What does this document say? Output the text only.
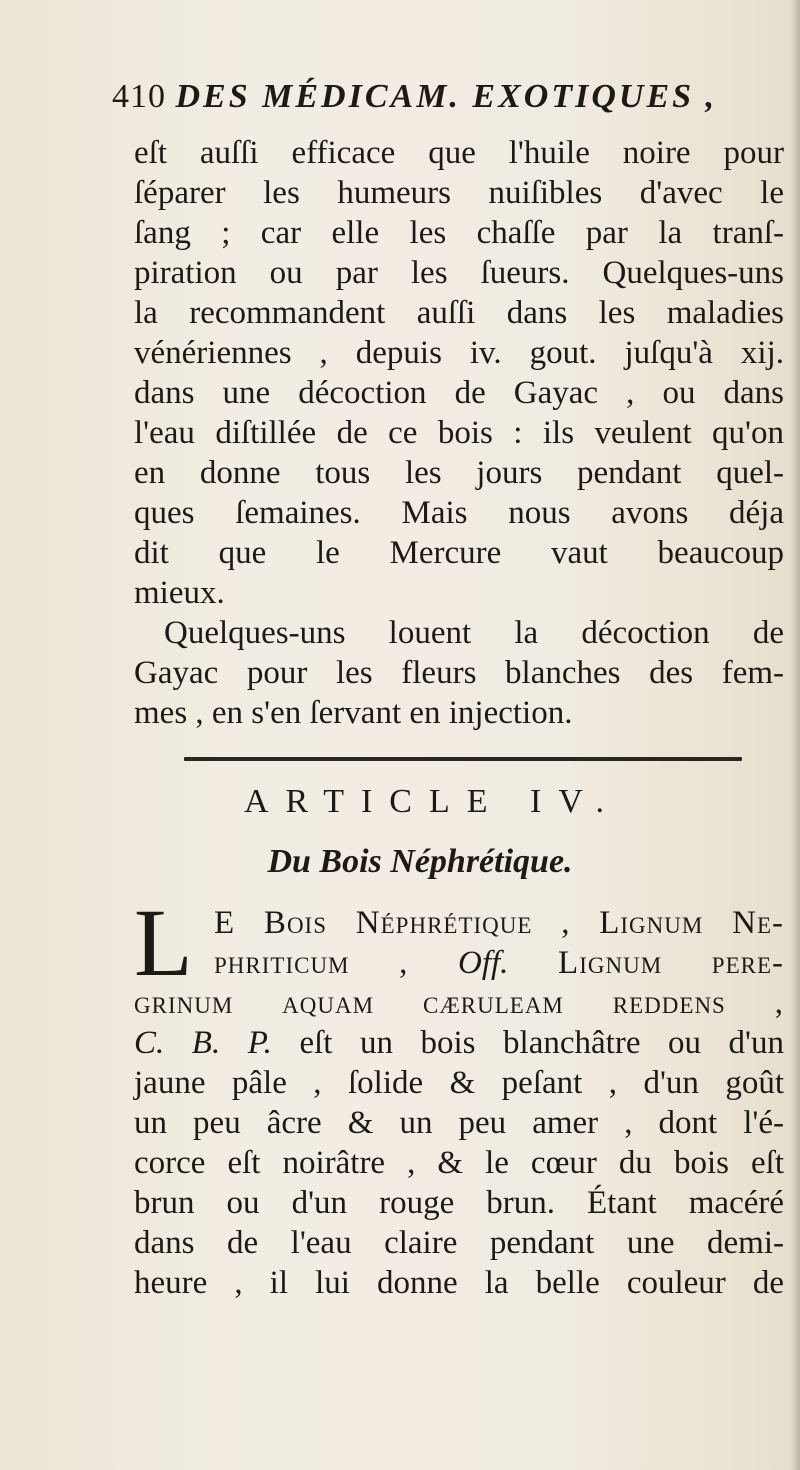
410 DES MÉDICAM. EXOTIQUES ,
eſt auſſi efficace que l'huile noire pour
ſéparer les humeurs nuiſibles d'avec le
ſang ; car elle les chaſſe par la tranſ-
piration ou par les ſueurs. Quelques-uns
la recommandent auſſi dans les maladies
vénériennes , depuis iv. gout. juſqu'à xij.
dans une décoction de Gayac , ou dans
l'eau diſtillée de ce bois : ils veulent qu'on
en donne tous les jours pendant quel-
ques ſemaines. Mais nous avons déja
dit que le Mercure vaut beaucoup
mieux.
Quelques-uns louent la décoction de
Gayac pour les fleurs blanches des fem-
mes , en s'en ſervant en injection.
ARTICLE IV.
Du Bois Néphrétique.
L E Bois Néphrétique , Lignum Ne-
phriticum , Off. Lignum pere-
grinum aquam cæruleam reddens ,
C. B. P. eſt un bois blanchâtre ou d'un
jaune pâle , ſolide & peſant , d'un goût
un peu âcre & un peu amer , dont l'é-
corce eſt noirâtre , & le cœur du bois eſt
brun ou d'un rouge brun. Étant macéré
dans de l'eau claire pendant une demi-
heure , il lui donne la belle couleur de
